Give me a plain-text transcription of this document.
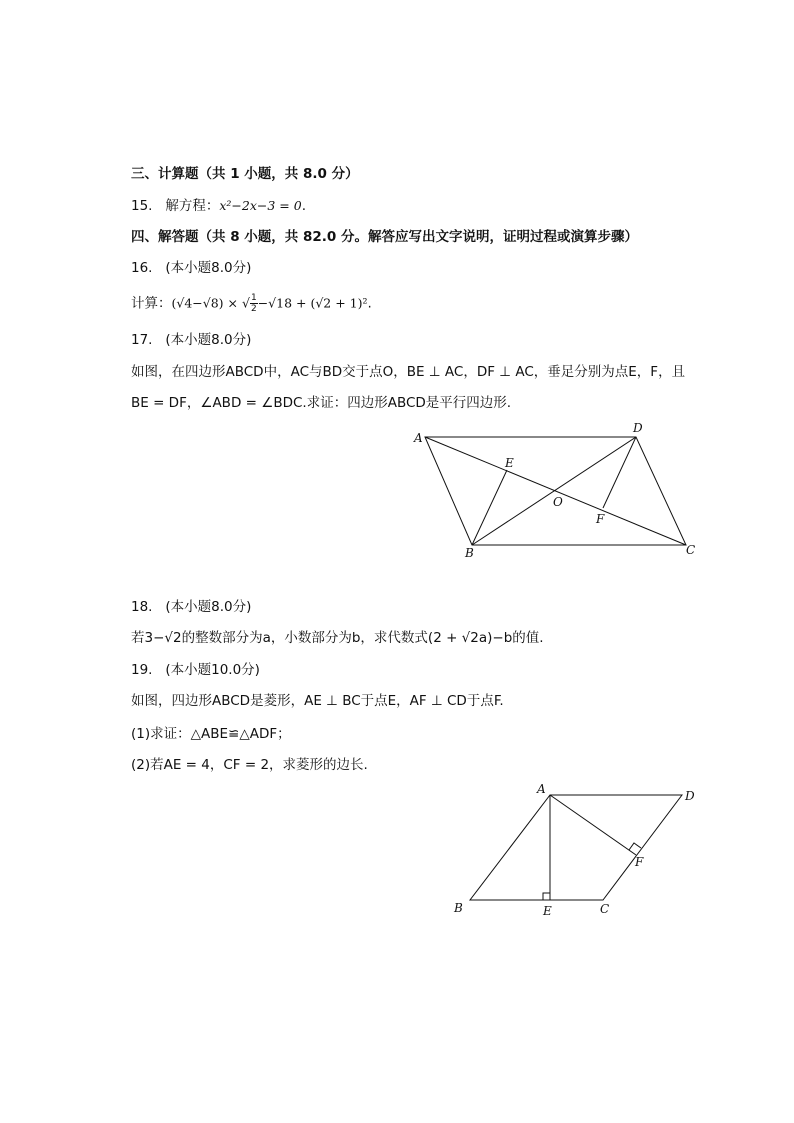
三、计算题（共 1 小题，共 8.0 分）
15. 解方程：x²−2x−3 = 0.
四、解答题（共 8 小题，共 82.0 分。解答应写出文字说明，证明过程或演算步骤）
16. (本小题8.0分)
计算：(√4−√8) × √ $\frac{1}{2} -√18 + (√2 + 1)^2$.
17. (本小题8.0分)
如图，在四边形ABCD中，AC与BD交于点O，BE ⊥ AC，DF ⊥ AC，垂足分别为点E，F，且
BE = DF，∠ABD = ∠BDC.求证：四边形ABCD是平行四边形.
A
D
E
O
F
B	C
18. (本小题8.0分)
若3−√2的整数部分为a，小数部分为b，求代数式(2 + √2a)−b的值.
19. (本小题10.0分)
如图，四边形ABCD是菱形，AE ⊥ BC于点E，AF ⊥ CD于点F.
(1)求证：△ABE≌△ADF；
(2)若AE = 4，CF = 2，求菱形的边长.
A	D
F
B	E	C
